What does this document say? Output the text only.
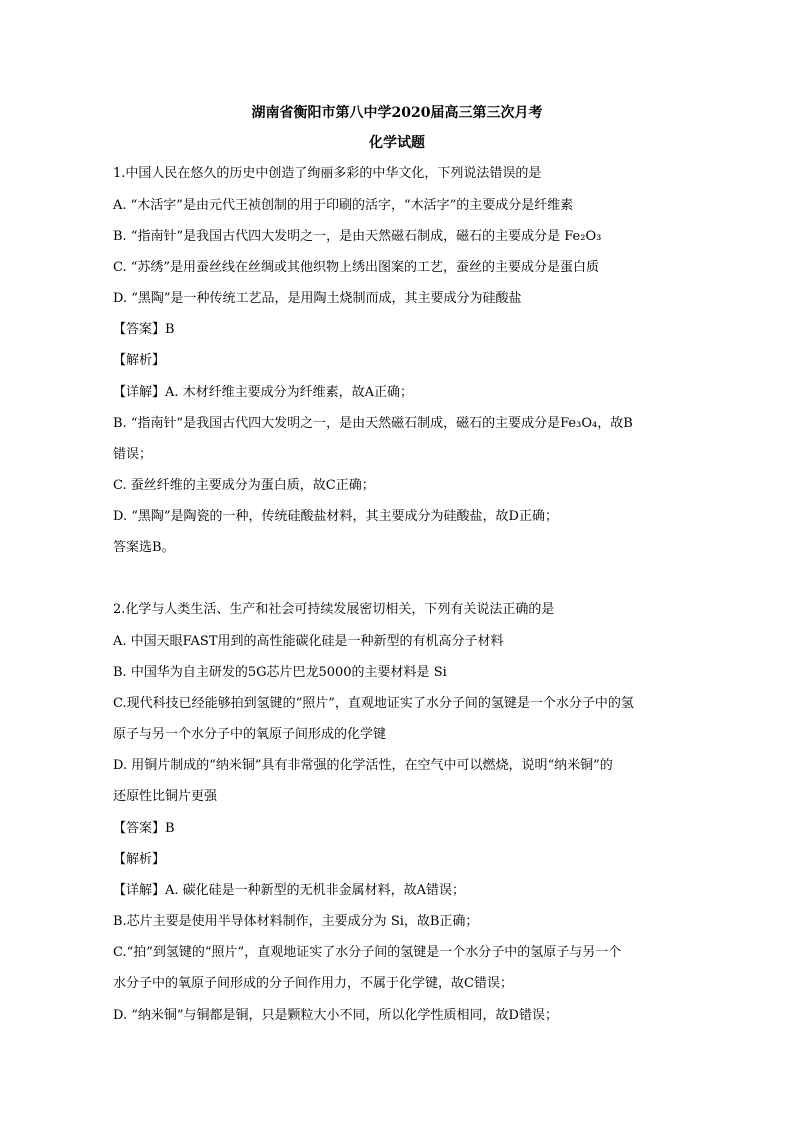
湖南省衡阳市第八中学2020届高三第三次月考
化学试题
1.中国人民在悠久的历史中创造了绚丽多彩的中华文化，下列说法错误的是
A. “木活字”是由元代王祯创制的用于印刷的活字，“木活字”的主要成分是纤维素
B. “指南针”是我国古代四大发明之一，是由天然磁石制成，磁石的主要成分是 Fe₂O₃
C. “苏绣”是用蚕丝线在丝绸或其他织物上绣出图案的工艺，蚕丝的主要成分是蛋白质
D. “黑陶”是一种传统工艺品，是用陶土烧制而成，其主要成分为硅酸盐
【答案】B
【解析】
【详解】A. 木材纤维主要成分为纤维素，故A正确；
B. “指南针”是我国古代四大发明之一，是由天然磁石制成，磁石的主要成分是Fe₃O₄，故B
错误；
C. 蚕丝纤维的主要成分为蛋白质，故C正确；
D. “黑陶”是陶瓷的一种，传统硅酸盐材料，其主要成分为硅酸盐，故D正确；
答案选B。
2.化学与人类生活、生产和社会可持续发展密切相关，下列有关说法正确的是
A. 中国天眼FAST用到的高性能碳化硅是一种新型的有机高分子材料
B. 中国华为自主研发的5G芯片巴龙5000的主要材料是 Si
C.现代科技已经能够拍到氢键的“照片”，直观地证实了水分子间的氢键是一个水分子中的氢
原子与另一个水分子中的氧原子间形成的化学键
D. 用铜片制成的“纳米铜”具有非常强的化学活性，在空气中可以燃烧，说明“纳米铜”的
还原性比铜片更强
【答案】B
【解析】
【详解】A. 碳化硅是一种新型的无机非金属材料，故A错误；
B.芯片主要是使用半导体材料制作，主要成分为 Si，故B正确；
C.“拍”到氢键的“照片”，直观地证实了水分子间的氢键是一个水分子中的氢原子与另一个
水分子中的氧原子间形成的分子间作用力，不属于化学键，故C错误；
D. “纳米铜”与铜都是铜，只是颗粒大小不同，所以化学性质相同，故D错误；
